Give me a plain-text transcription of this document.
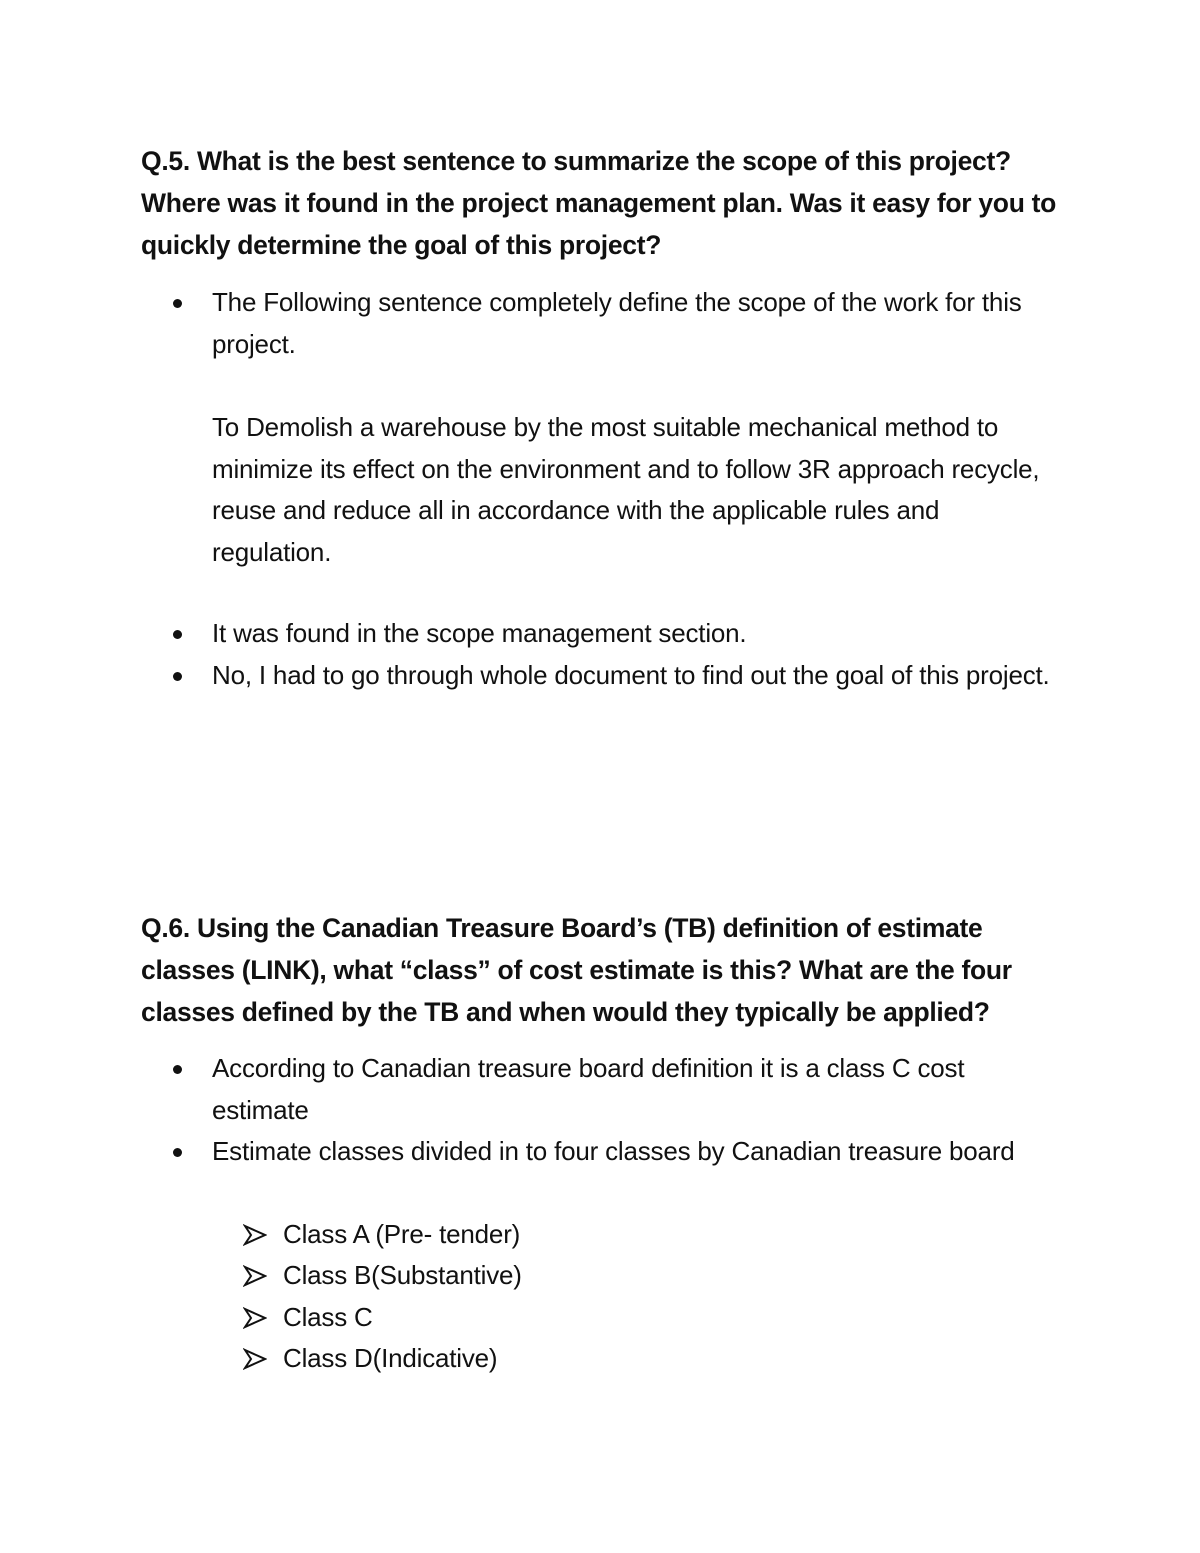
Q.5. What is the best sentence to summarize the scope of this project? Where was it found in the project management plan. Was it easy for you to quickly determine the goal of this project?

The Following sentence completely define the scope of the work for this project.

To Demolish a warehouse by the most suitable mechanical method to minimize its effect on the environment and to follow 3R approach recycle, reuse and reduce all in accordance with the applicable rules and regulation.

It was found in the scope management section.
No, I had to go through whole document to find out the goal of this project.

Q.6. Using the Canadian Treasure Board’s (TB) definition of estimate classes (LINK), what “class” of cost estimate is this? What are the four classes defined by the TB and when would they typically be applied?

According to Canadian treasure board definition it is a class C cost estimate
Estimate classes divided in to four classes by Canadian treasure board
Class A (Pre- tender)
Class B(Substantive)
Class C
Class D(Indicative)
